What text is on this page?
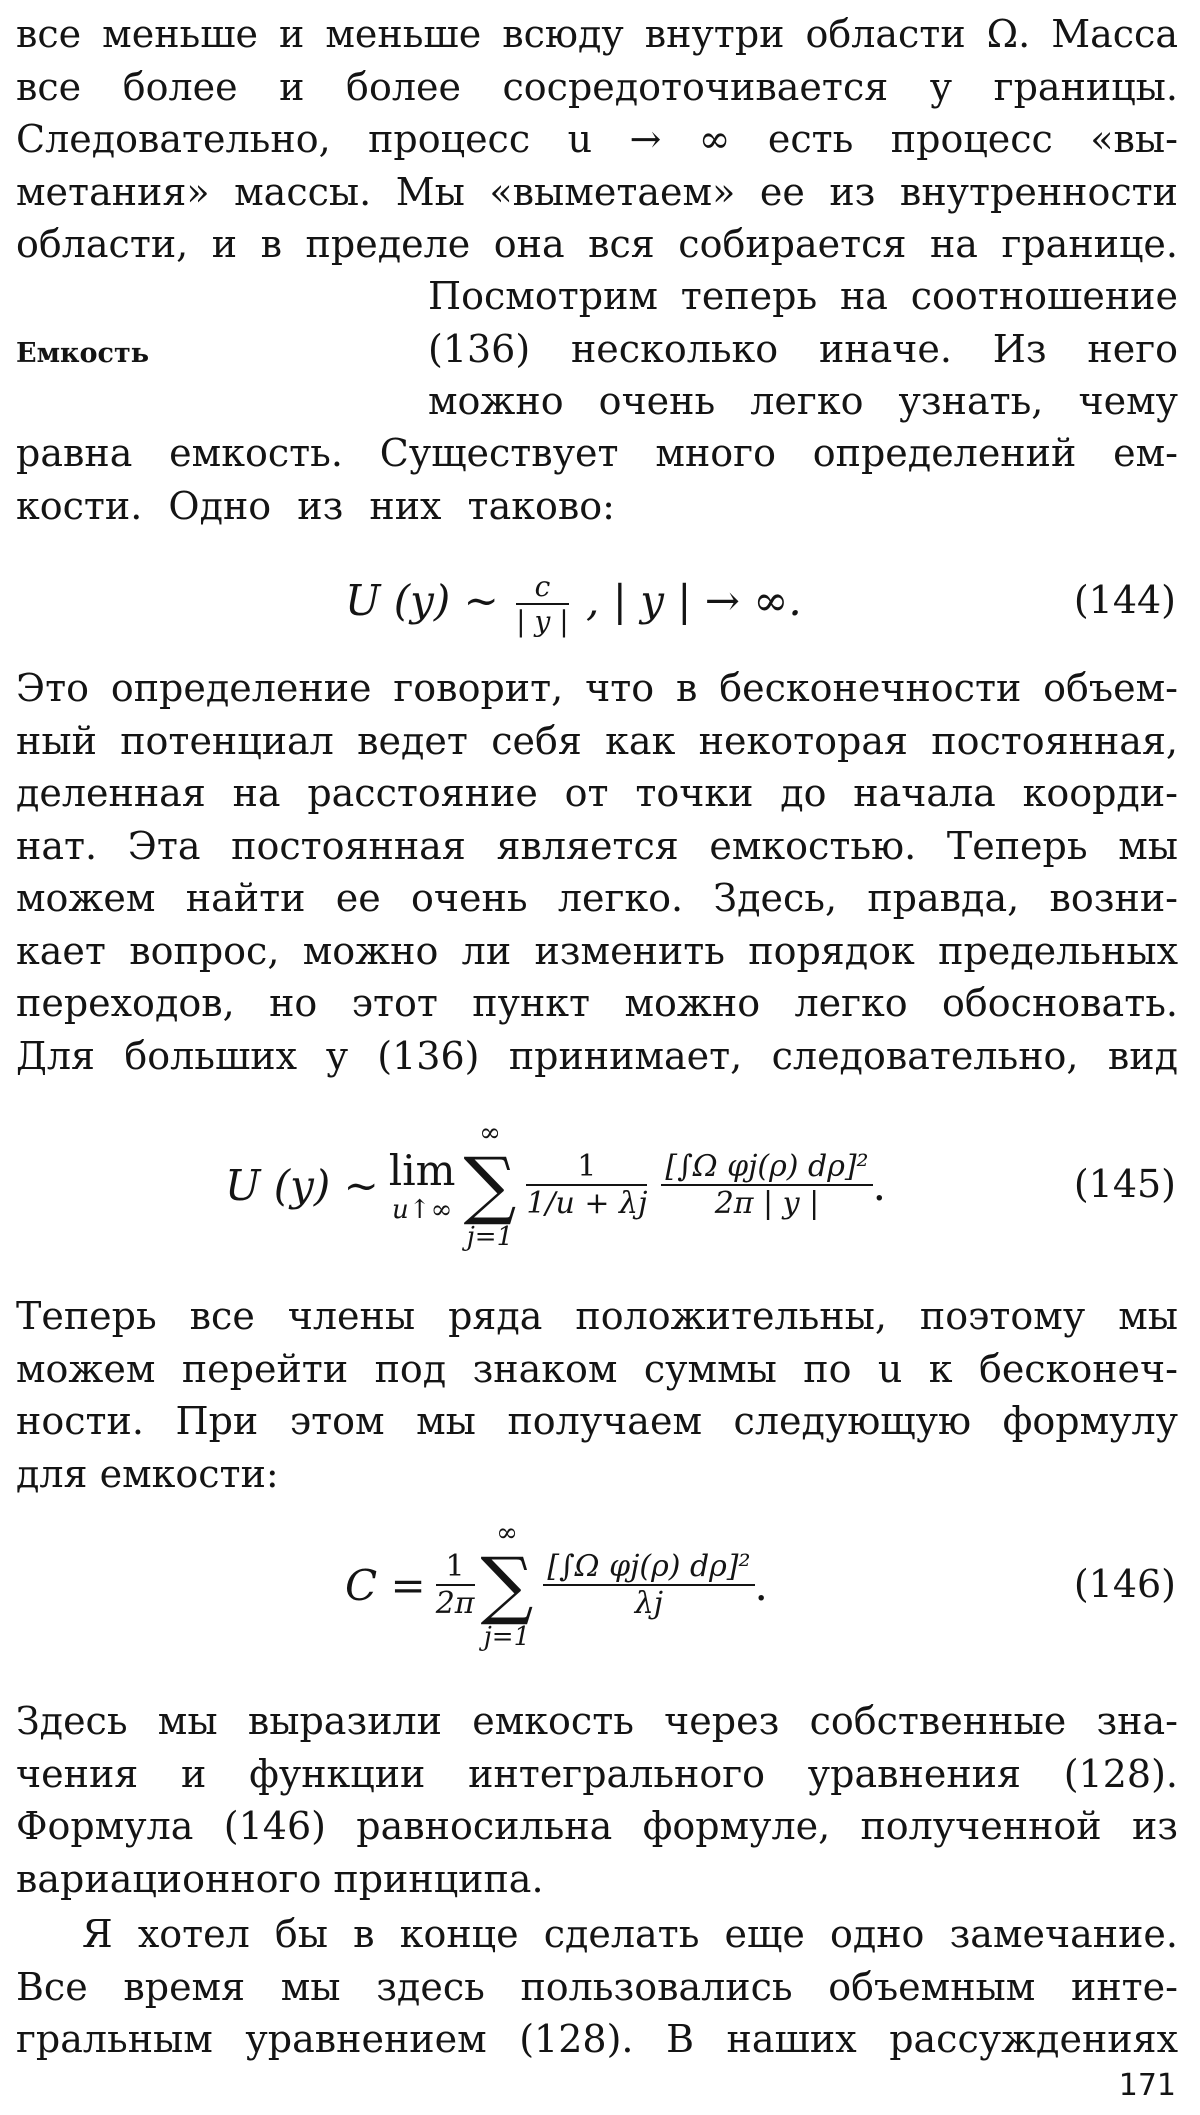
все меньше и меньше всюду внутри области Ω. Масса
все более и более сосредоточивается у границы.
Следовательно, процесс u → ∞ есть процесс «вы-
метания» массы. Мы «выметаем» ее из внутренности
области, и в пределе она вся собирается на границе.
Емкость
Посмотрим теперь на соотношение
(136) несколько иначе. Из него
можно очень легко узнать, чему
равна емкость. Существует много определений ем-
кости. Одно из них таково:
U (y) ∼ $\frac{c}{| y |}$ , | y | → ∞.	(144)
Это определение говорит, что в бесконечности объем-
ный потенциал ведет себя как некоторая постоянная,
деленная на расстояние от точки до начала коорди-
нат. Эта постоянная является емкостью. Теперь мы
можем найти ее очень легко. Здесь, правда, возни-
кает вопрос, можно ли изменить порядок предельных
переходов, но этот пункт можно легко обосновать.
Для больших y (136) принимает, следовательно, вид
U (y) ∼ lim
u↑∞
∞
∑
j=1
$\frac{1}{1/u + \lambda j} \frac{\text{[∫Ω φj(ρ) dρ]²}}{2\pi | y |}$ .	(145)
Теперь все члены ряда положительны, поэтому мы
можем перейти под знаком суммы по u к бесконеч-
ности. При этом мы получаем следующую формулу
для емкости:
$C = \frac{1}{2\pi}$
∞
∑
j=1
$\frac{\text{[∫Ω φj(ρ) dρ]²}}{\lambda j}$ .	(146)
Здесь мы выразили емкость через собственные зна-
чения и функции интегрального уравнения (128).
Формула (146) равносильна формуле, полученной из
вариационного принципа.
Я хотел бы в конце сделать еще одно замечание.
Все время мы здесь пользовались объемным инте-
гральным уравнением (128). В наших рассуждениях
171
